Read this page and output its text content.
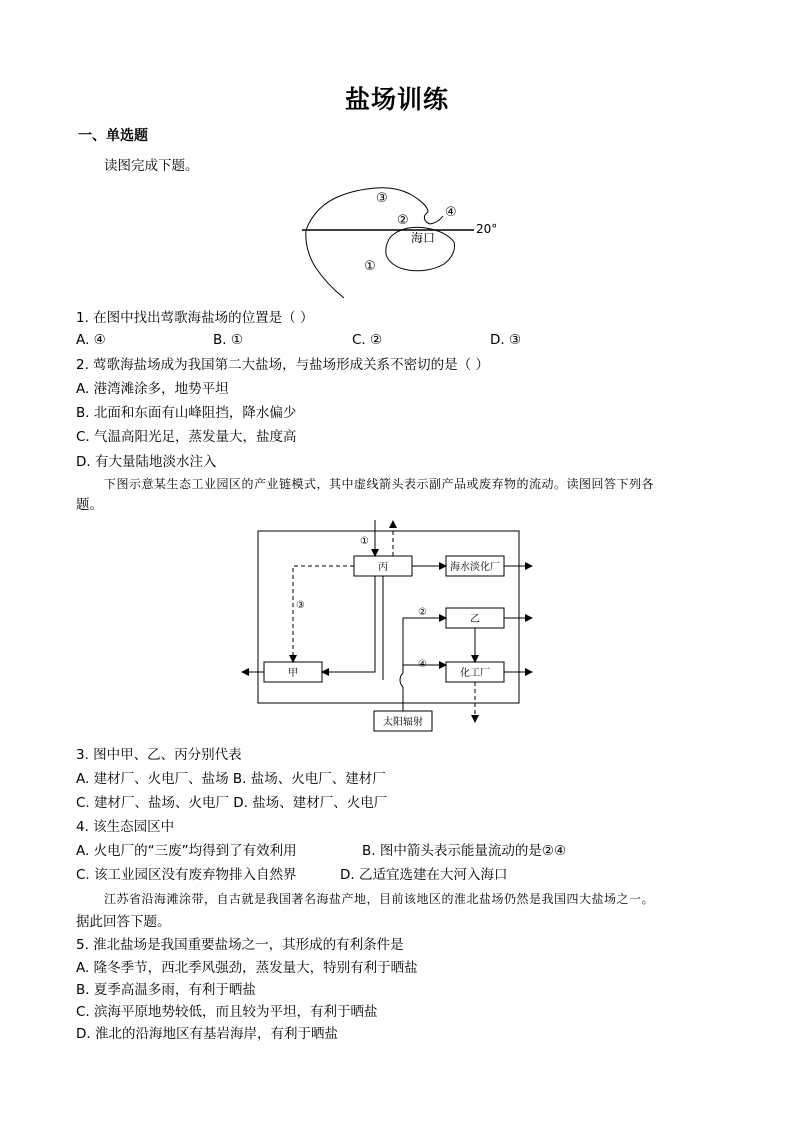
盐场训练
一、单选题
读图完成下题。
③
②
④
海口
①
20°
1. 在图中找出莺歌海盐场的位置是（ ）
A. ④	B. ①	C. ②	D. ③
2. 莺歌海盐场成为我国第二大盐场，与盐场形成关系不密切的是（ ）
A. 港湾滩涂多，地势平坦
B. 北面和东面有山峰阻挡，降水偏少
C. 气温高阳光足，蒸发量大，盐度高
D. 有大量陆地淡水注入
下图示意某生态工业园区的产业链模式，其中虚线箭头表示副产品或废弃物的流动。读图回答下列各
题。
丙	海水淡化厂
乙
甲	化工厂
太阳辐射
①
③
②
④
3. 图中甲、乙、丙分别代表
A. 建材厂、火电厂、盐场 B. 盐场、火电厂、建材厂
C. 建材厂、盐场、火电厂 D. 盐场、建材厂、火电厂
4. 该生态园区中
A. 火电厂的“三废”均得到了有效利用	B. 图中箭头表示能量流动的是②④
C. 该工业园区没有废弃物排入自然界	D. 乙适宜选建在大河入海口
江苏省沿海滩涂带，自古就是我国著名海盐产地，目前该地区的淮北盐场仍然是我国四大盐场之一。
据此回答下题。
5. 淮北盐场是我国重要盐场之一，其形成的有利条件是
A. 隆冬季节，西北季风强劲，蒸发量大，特别有利于晒盐
B. 夏季高温多雨，有利于晒盐
C. 滨海平原地势较低，而且较为平坦，有利于晒盐
D. 淮北的沿海地区有基岩海岸，有利于晒盐
